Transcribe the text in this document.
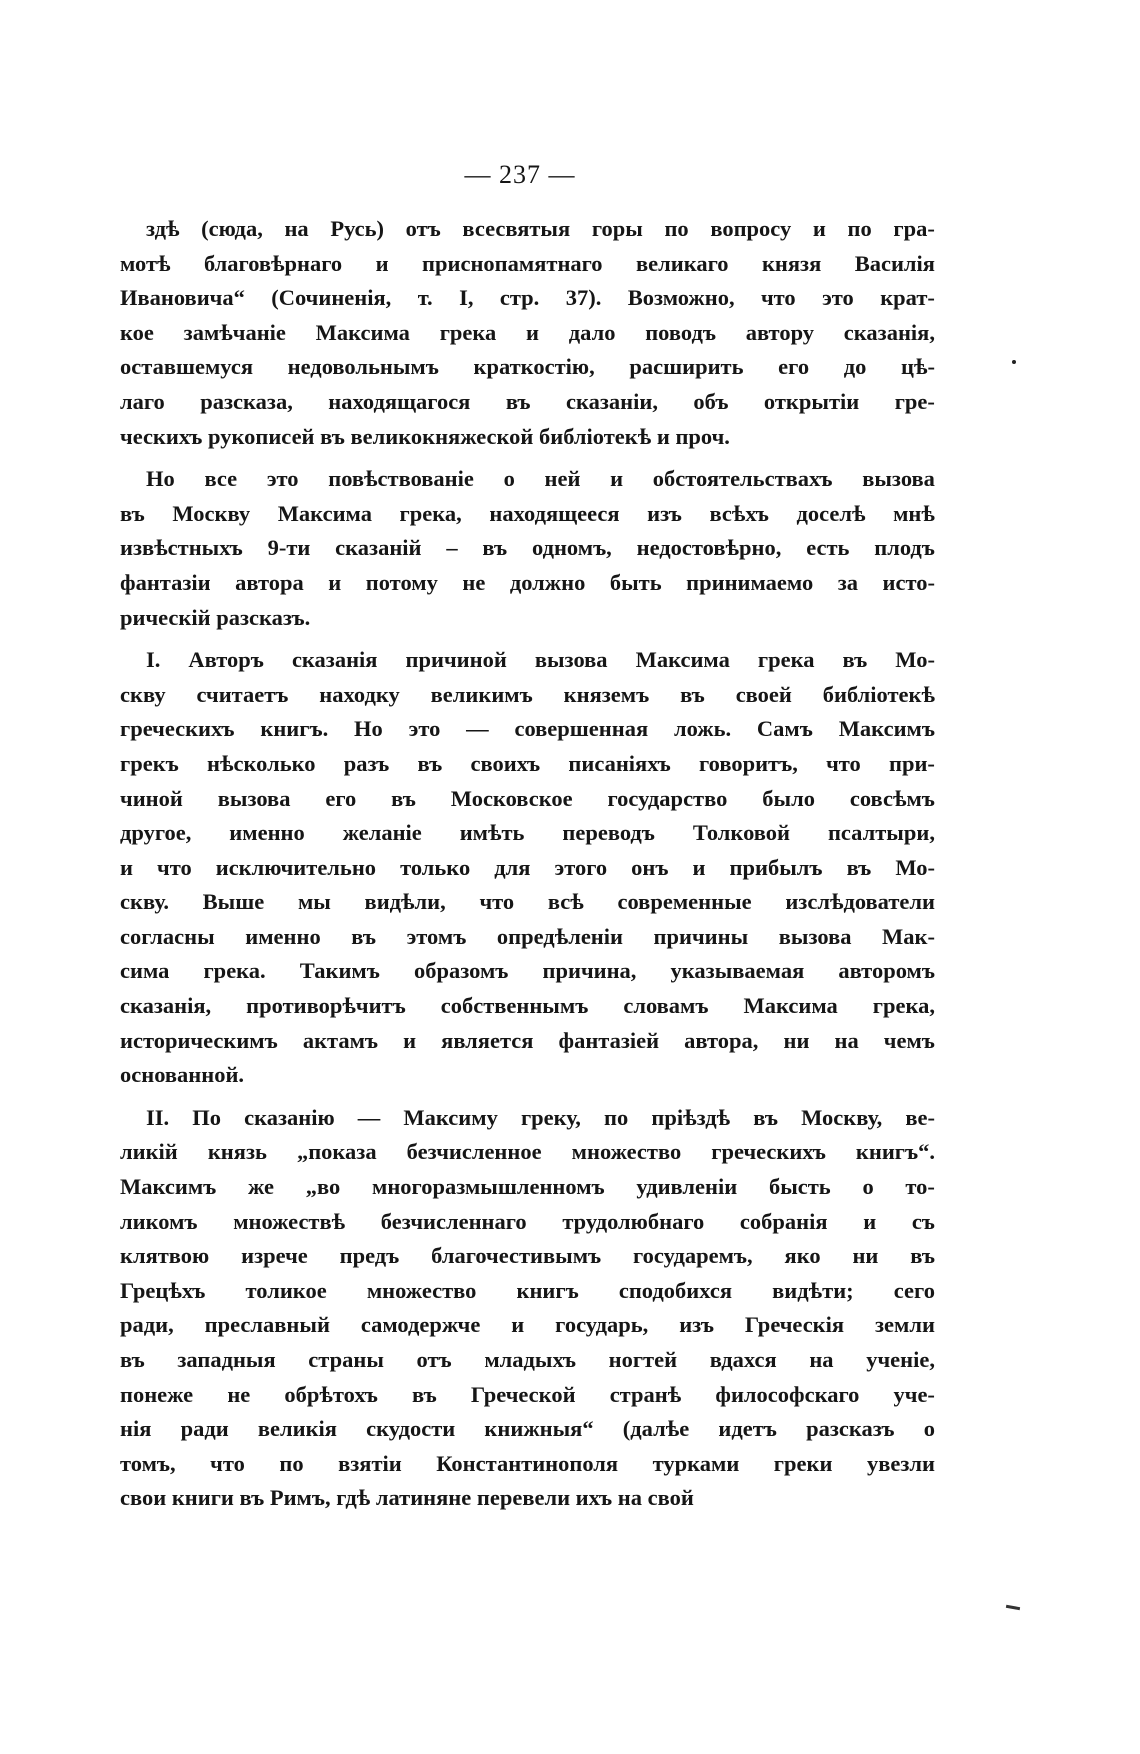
— 237 —
здѣ (сюда, на Русь) отъ всесвятыя горы по вопросу и по гра-
мотѣ благовѣрнаго и приснопамятнаго великаго князя Василія
Ивановича“ (Сочиненія, т. I, стр. 37). Возможно, что это крат-
кое замѣчаніе Максима грека и дало поводъ автору сказанія,
оставшемуся недовольнымъ краткостію, расширить его до цѣ-
лаго разсказа, находящагося въ сказаніи, объ открытіи гре-
ческихъ рукописей въ великокняжеской библіотекѣ и проч.
Но все это повѣствованіе о ней и обстоятельствахъ вызова
въ Москву Максима грека, находящееся изъ всѣхъ доселѣ мнѣ
извѣстныхъ 9-ти сказаній – въ одномъ, недостовѣрно, есть плодъ
фантазіи автора и потому не должно быть принимаемо за исто-
рическій разсказъ.
I. Авторъ сказанія причиной вызова Максима грека въ Мо-
скву считаетъ находку великимъ княземъ въ своей библіотекѣ
греческихъ книгъ. Но это — совершенная ложь. Самъ Максимъ
грекъ нѣсколько разъ въ своихъ писаніяхъ говоритъ, что при-
чиной вызова его въ Московское государство было совсѣмъ
другое, именно желаніе имѣть переводъ Толковой псалтыри,
и что исключительно только для этого онъ и прибылъ въ Мо-
скву. Выше мы видѣли, что всѣ современные изслѣдователи
согласны именно въ этомъ опредѣленіи причины вызова Мак-
сима грека. Такимъ образомъ причина, указываемая авторомъ
сказанія, противорѣчитъ собственнымъ словамъ Максима грека,
историческимъ актамъ и является фантазіей автора, ни на чемъ
основанной.
II. По сказанію — Максиму греку, по пріѣздѣ въ Москву, ве-
ликій князь „показа безчисленное множество греческихъ книгъ“.
Максимъ же „во многоразмышленномъ удивленіи бысть о то-
ликомъ множествѣ безчисленнаго трудолюбнаго собранія и съ
клятвою изрече предъ благочестивымъ государемъ, яко ни въ
Грецѣхъ толикое множество книгъ сподобихся видѣти; сего
ради, преславный самодержче и государь, изъ Греческія земли
въ западныя страны отъ младыхъ ногтей вдахся на ученіе,
понеже не обрѣтохъ въ Греческой странѣ философскаго уче-
нія ради великія скудости книжныя“ (далѣе идетъ разсказъ о
томъ, что по взятіи Константинополя турками греки увезли
свои книги въ Римъ, гдѣ латиняне перевели ихъ на свой
